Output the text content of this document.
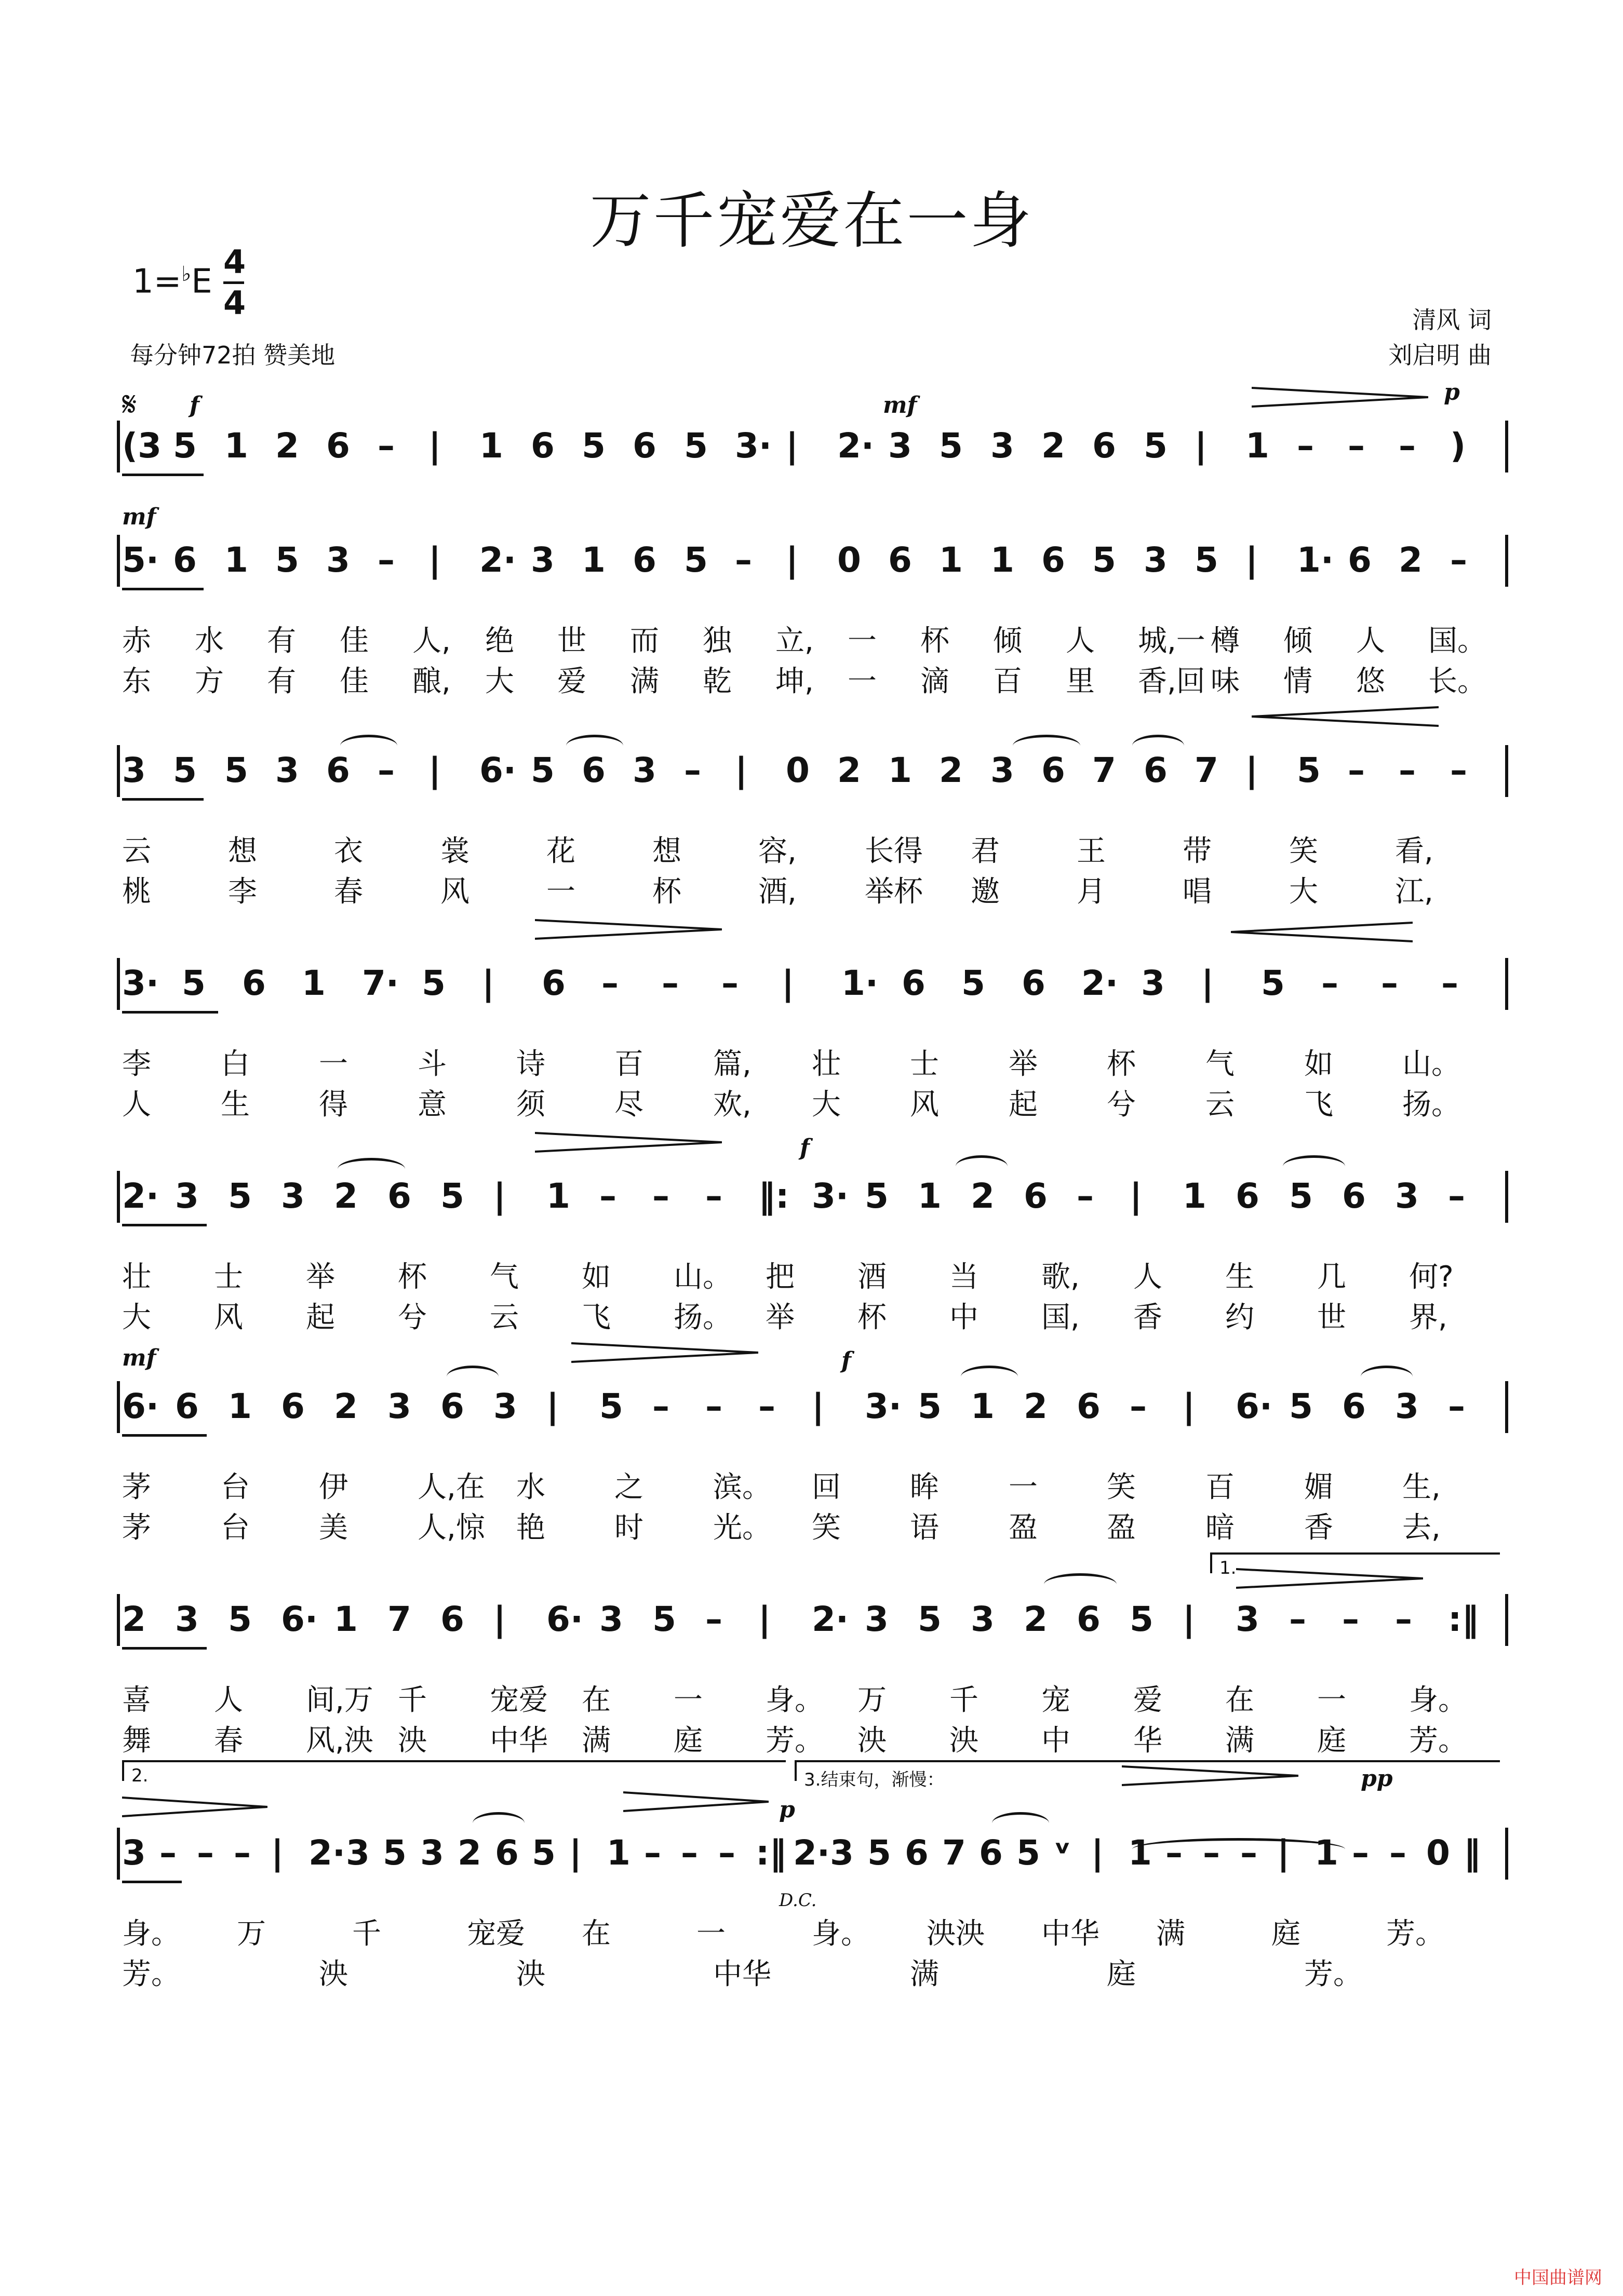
万千宠爱在一身
1=♭E
4
4
每分钟72拍 赞美地
清风 词
刘启明 曲
(3 5 1 2 6 – | 1 6 5 6 5 3· | 2· 3 5 3 2 6 5 | 1 – – – )
5· 6 1 5 3 – | 2· 3 1 6 5 – | 0 6 1 1 6 5 3 5 | 1· 6 2 –
赤 水 有 佳 人, 绝 世 而 独 立, 一 杯 倾 人 城,一 樽 倾 人 国。
东 方 有 佳 酿, 大 爱 满 乾 坤, 一 滴 百 里 香,回 味 情 悠 长。
3 5 5 3 6 – | 6· 5 6 3 – | 0 2 1 2 3 6 7 6 7 | 5 – – –
云	想	衣	裳	花	想	容, 长得 君	王	带	笑	看,
桃	李	春	风	一	杯	酒, 举杯 邀	月	唱	大	江,
3· 5 6 1 7· 5 | 6 – – – | 1· 6 5 6 2· 3 | 5 – – –
李 白 一 斗 诗 百 篇, 壮 士 举 杯 气 如 山。
人 生 得 意 须 尽 欢, 大 风 起 兮 云 飞 扬。
2· 3 5 3 2 6 5 | 1 – – – ‖: 3· 5 1 2 6 – | 1 6 5 6 3 –
壮 士 举 杯 气 如 山。 把 酒 当 歌, 人 生 几 何?
大 风 起 兮 云 飞 扬。 举 杯 中 国, 香 约 世 界,
6· 6 1 6 2 3 6 3 | 5 – – – | 3· 5 1 2 6 – | 6· 5 6 3 –
茅 台 伊 人,在 水 之 滨。 回 眸 一 笑 百 媚 生,
茅 台 美 人,惊 艳 时 光。 笑 语 盈 盈 暗 香 去,
2 3 5 6· 1 7 6 | 6· 3 5 – | 2· 3 5 3 2 6 5 | 3 – – – :‖
喜 人 间,万 千 宠爱 在 一 身。 万 千 宠 爱 在 一 身。
舞 春 风,泱 泱 中华 满 庭 芳。 泱 泱 中 华 满 庭 芳。
3 – – – | 2· 3 5 3 2 6 5 | 1 – – – :‖ 2· 3 5 6 7 6 5 ᵛ | 1 – – – | 1 – – 0 ‖
身。 万	千	宠爱 在	一	身。 泱泱 中华 满	庭	芳。
芳。	泱	泱	中华	满	庭	芳。
中国曲谱网
𝄋 f	mf	p
mf
f
mf	f
p
pp
1.
2.	3.结束句，渐慢：
D.C.
